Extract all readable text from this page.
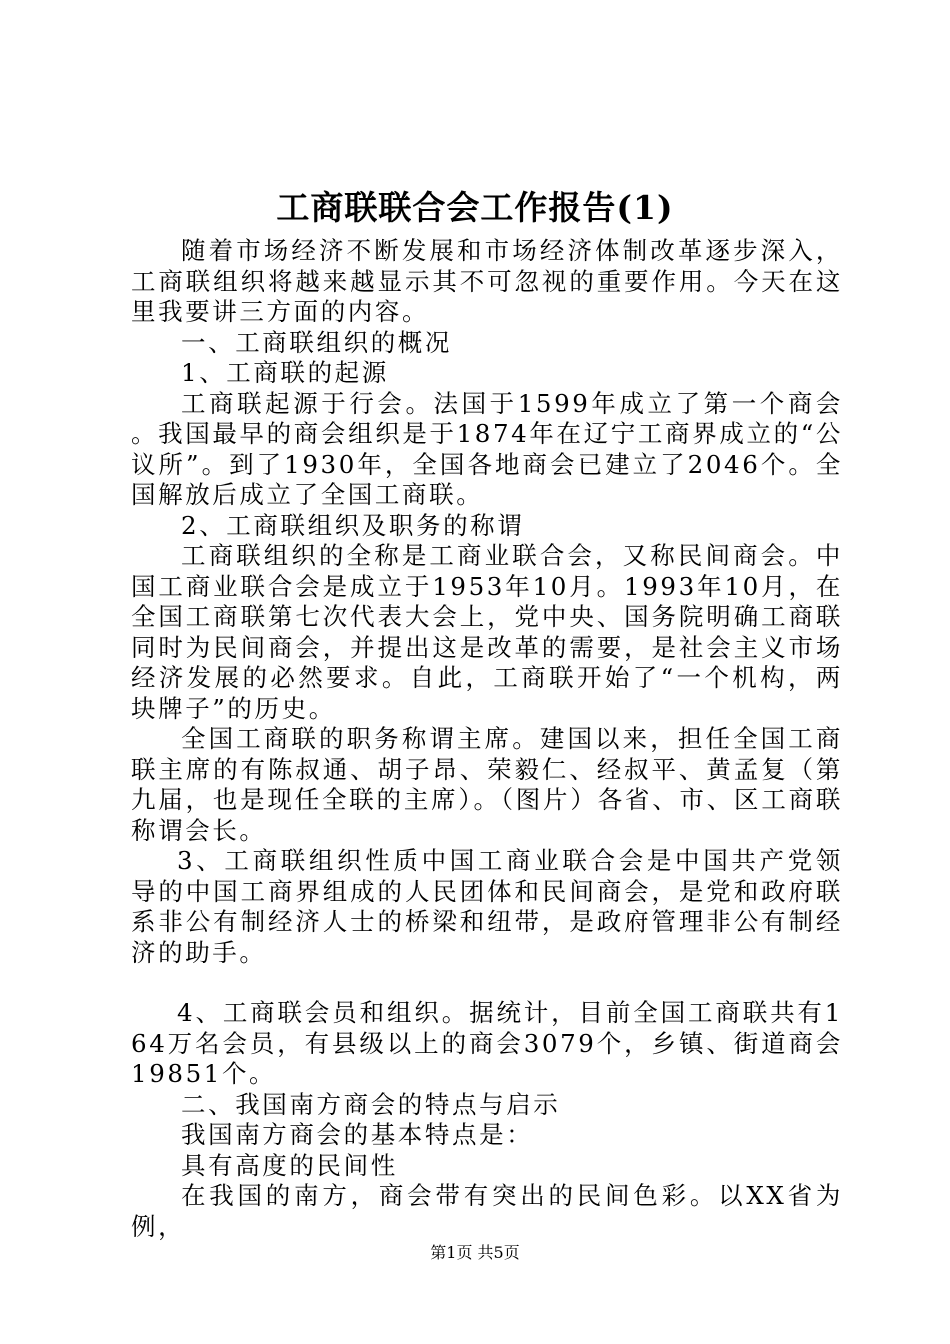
工商联联合会工作报告(1)

随着市场经济不断发展和市场经济体制改革逐步深入，工商联组织将越来越显示其不可忽视的重要作用。今天在这里我要讲三方面的内容。

一、工商联组织的概况

1、工商联的起源

工商联起源于行会。法国于1599年成立了第一个商会。我国最早的商会组织是于1874年在辽宁工商界成立的“公议所”。到了1930年，全国各地商会已建立了2046个。全国解放后成立了全国工商联。

2、工商联组织及职务的称谓

工商联组织的全称是工商业联合会，又称民间商会。中国工商业联合会是成立于1953年10月。1993年10月，在全国工商联第七次代表大会上，党中央、国务院明确工商联同时为民间商会，并提出这是改革的需要，是社会主义市场经济发展的必然要求。自此，工商联开始了“一个机构，两块牌子”的历史。

全国工商联的职务称谓主席。建国以来，担任全国工商联主席的有陈叔通、胡子昂、荣毅仁、经叔平、黄孟复（第九届，也是现任全联的主席）。（图片）各省、市、区工商联称谓会长。

3、工商联组织性质中国工商业联合会是中国共产党领导的中国工商界组成的人民团体和民间商会，是党和政府联系非公有制经济人士的桥梁和纽带，是政府管理非公有制经济的助手。

4、工商联会员和组织。据统计，目前全国工商联共有164万名会员，有县级以上的商会3079个，乡镇、街道商会19851个。

二、我国南方商会的特点与启示

我国南方商会的基本特点是：

具有高度的民间性

在我国的南方，商会带有突出的民间色彩。以XX省为例，

第1页 共5页
